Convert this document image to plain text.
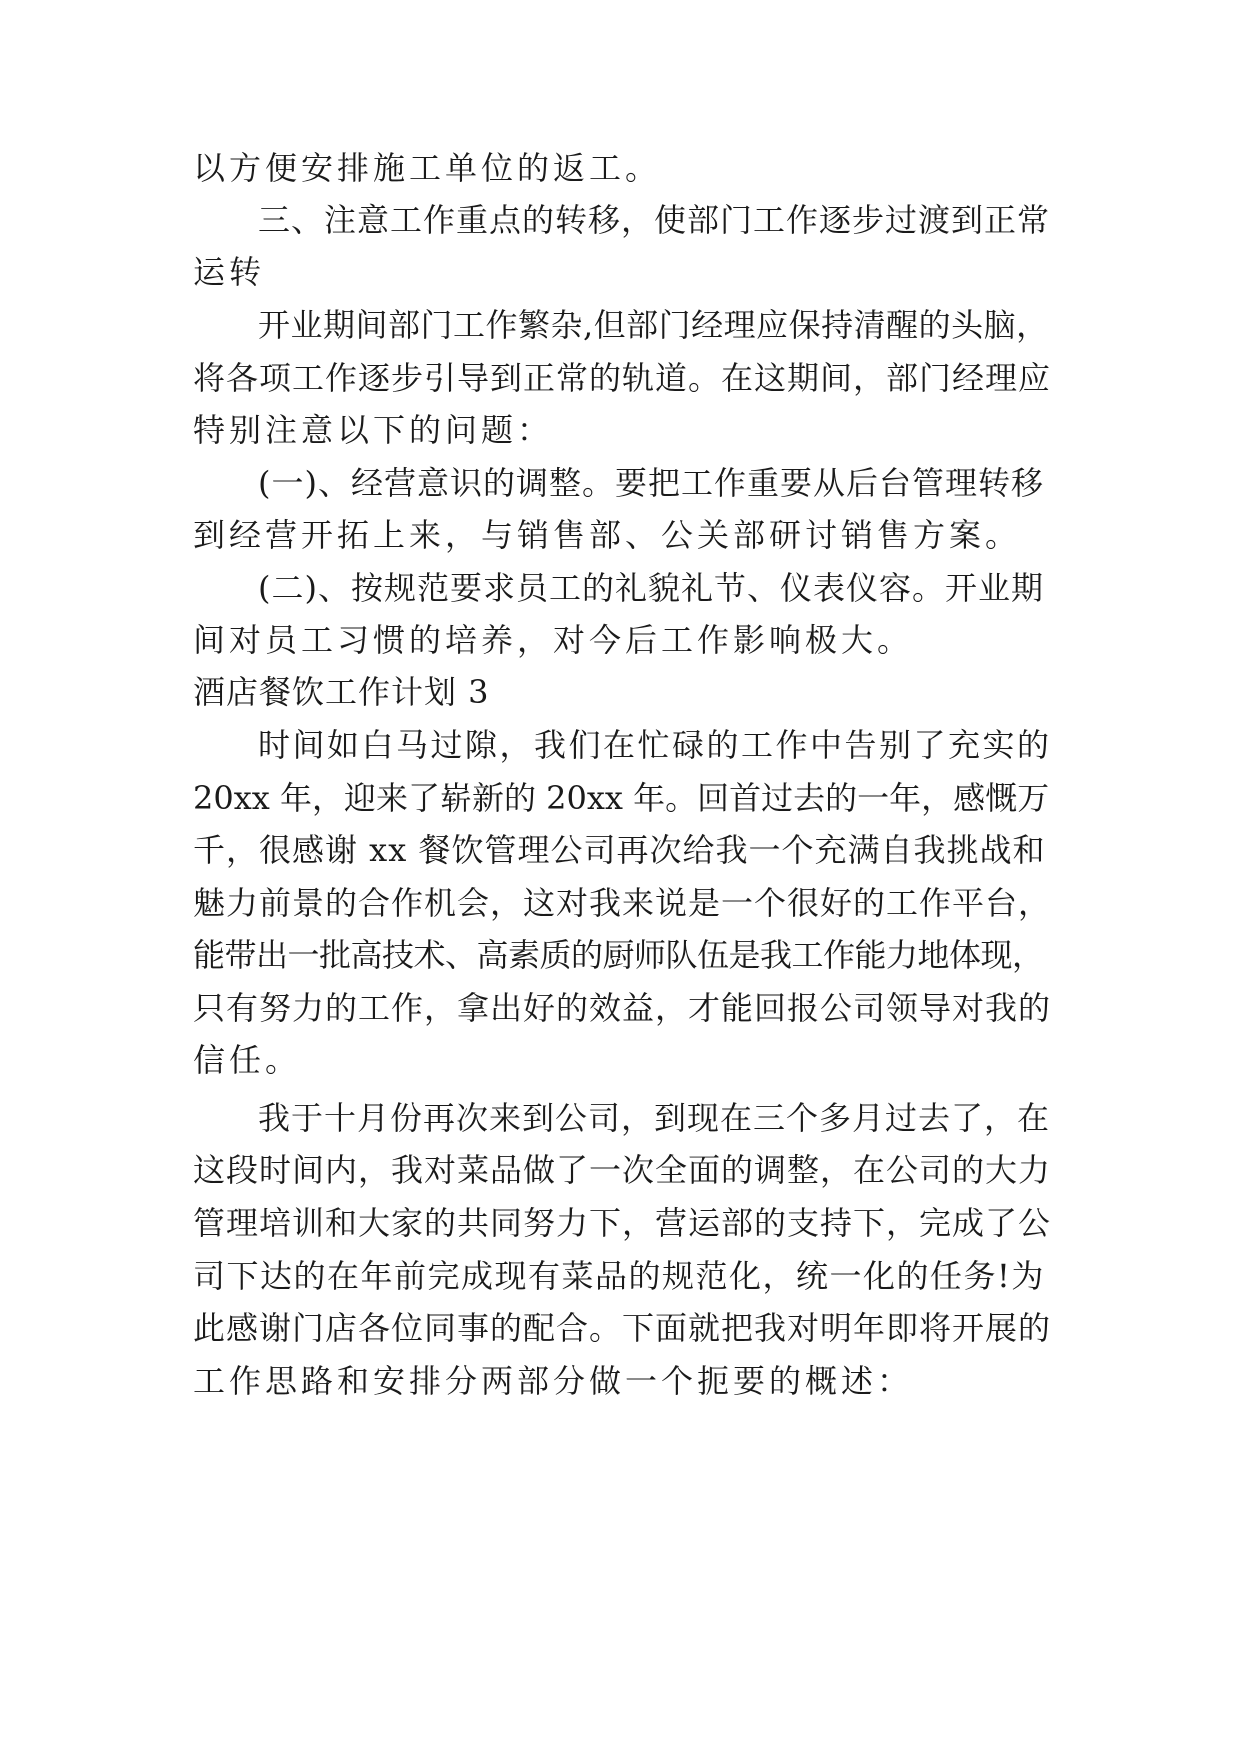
以方便安排施工单位的返工。

三、注意工作重点的转移，使部门工作逐步过渡到正常

运转

开业期间部门工作繁杂,但部门经理应保持清醒的头脑，

将各项工作逐步引导到正常的轨道。在这期间，部门经理应

特别注意以下的问题：

(一)、经营意识的调整。要把工作重要从后台管理转移

到经营开拓上来，与销售部、公关部研讨销售方案。

(二)、按规范要求员工的礼貌礼节、仪表仪容。开业期

间对员工习惯的培养，对今后工作影响极大。

酒店餐饮工作计划 3

时间如白马过隙，我们在忙碌的工作中告别了充实的

20xx 年，迎来了崭新的 20xx 年。回首过去的一年，感慨万

千，很感谢 xx 餐饮管理公司再次给我一个充满自我挑战和

魅力前景的合作机会，这对我来说是一个很好的工作平台，

能带出一批高技术、高素质的厨师队伍是我工作能力地体现，

只有努力的工作，拿出好的效益，才能回报公司领导对我的

信任。

我于十月份再次来到公司，到现在三个多月过去了，在

这段时间内，我对菜品做了一次全面的调整，在公司的大力

管理培训和大家的共同努力下，营运部的支持下，完成了公

司下达的在年前完成现有菜品的规范化，统一化的任务!为

此感谢门店各位同事的配合。下面就把我对明年即将开展的

工作思路和安排分两部分做一个扼要的概述：
